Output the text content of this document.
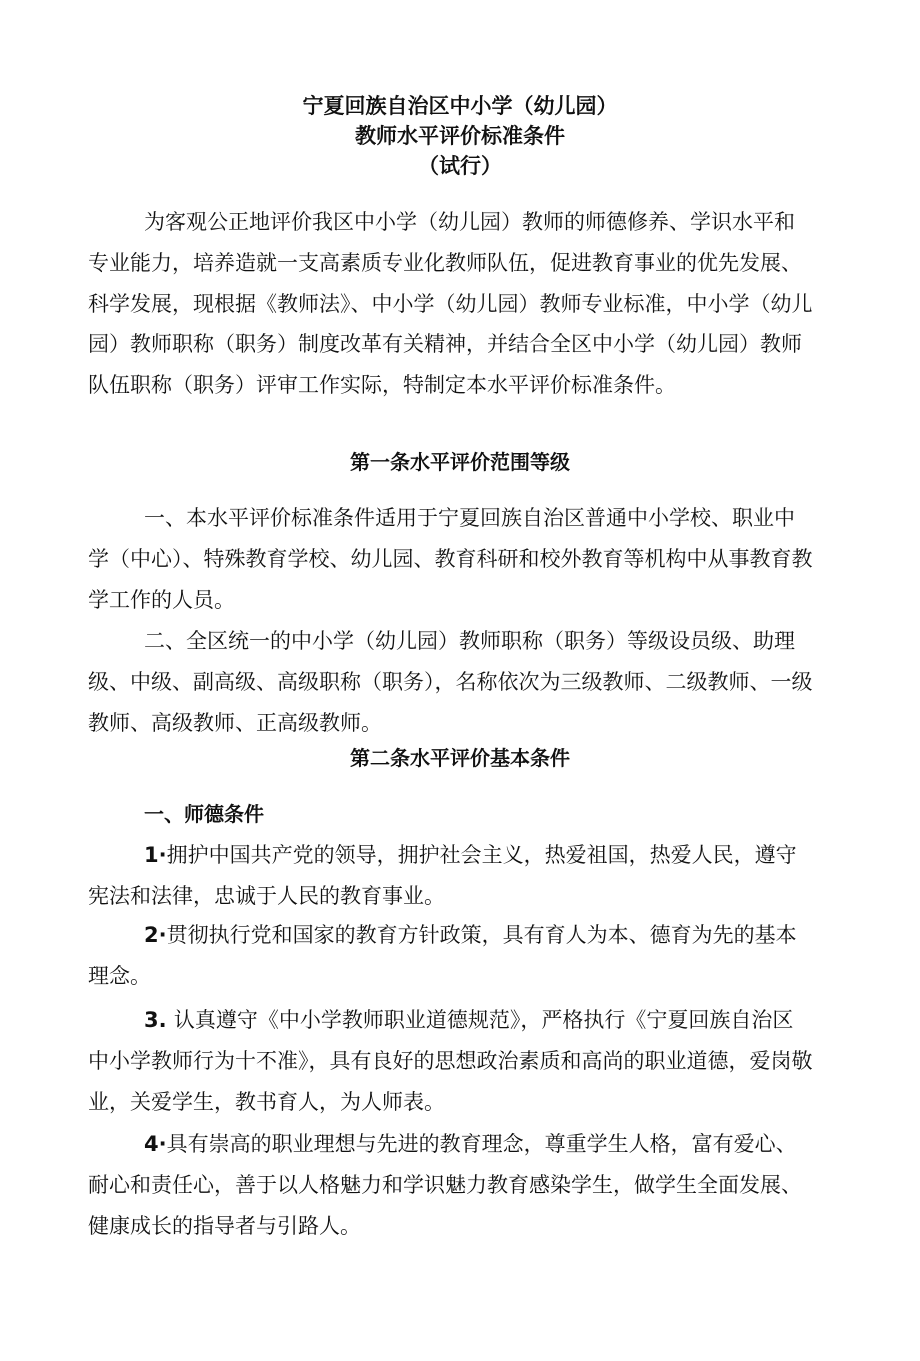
宁夏回族自治区中小学（幼儿园）
教师水平评价标准条件
（试行）

为客观公正地评价我区中小学（幼儿园）教师的师德修养、学识水平和专业能力，培养造就一支高素质专业化教师队伍，促进教育事业的优先发展、科学发展，现根据《教师法》、中小学（幼儿园）教师专业标准，中小学（幼儿园）教师职称（职务）制度改革有关精神，并结合全区中小学（幼儿园）教师队伍职称（职务）评审工作实际，特制定本水平评价标准条件。

第一条水平评价范围等级

一、本水平评价标准条件适用于宁夏回族自治区普通中小学校、职业中学（中心）、特殊教育学校、幼儿园、教育科研和校外教育等机构中从事教育教学工作的人员。

二、全区统一的中小学（幼儿园）教师职称（职务）等级设员级、助理级、中级、副高级、高级职称（职务），名称依次为三级教师、二级教师、一级教师、高级教师、正高级教师。

第二条水平评价基本条件
一、师德条件

1·拥护中国共产党的领导，拥护社会主义，热爱祖国，热爱人民，遵守宪法和法律，忠诚于人民的教育事业。

2·贯彻执行党和国家的教育方针政策，具有育人为本、德育为先的基本理念。

3. 认真遵守《中小学教师职业道德规范》，严格执行《宁夏回族自治区中小学教师行为十不准》，具有良好的思想政治素质和高尚的职业道德，爱岗敬业，关爱学生，教书育人，为人师表。

4·具有崇高的职业理想与先进的教育理念，尊重学生人格，富有爱心、耐心和责任心，善于以人格魅力和学识魅力教育感染学生，做学生全面发展、健康成长的指导者与引路人。
